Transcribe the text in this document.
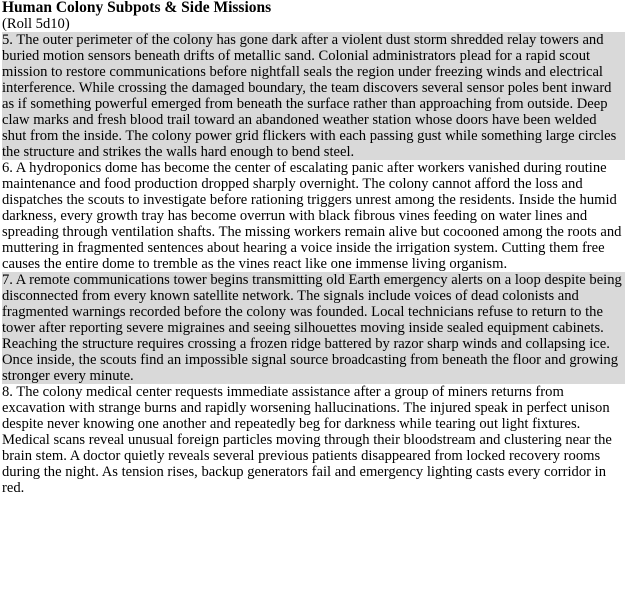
Human Colony Subpots & Side Missions
(Roll 5d10)
5. The outer perimeter of the colony has gone dark after a violent dust storm shredded relay towers and buried motion sensors beneath drifts of metallic sand. Colonial administrators plead for a rapid scout mission to restore communications before nightfall seals the region under freezing winds and electrical interference. While crossing the damaged boundary, the team discovers several sensor poles bent inward as if something powerful emerged from beneath the surface rather than approaching from outside. Deep claw marks and fresh blood trail toward an abandoned weather station whose doors have been welded shut from the inside. The colony power grid flickers with each passing gust while something large circles the structure and strikes the walls hard enough to bend steel.
6. A hydroponics dome has become the center of escalating panic after workers vanished during routine maintenance and food production dropped sharply overnight. The colony cannot afford the loss and dispatches the scouts to investigate before rationing triggers unrest among the residents. Inside the humid darkness, every growth tray has become overrun with black fibrous vines feeding on water lines and spreading through ventilation shafts. The missing workers remain alive but cocooned among the roots and muttering in fragmented sentences about hearing a voice inside the irrigation system. Cutting them free causes the entire dome to tremble as the vines react like one immense living organism.
7. A remote communications tower begins transmitting old Earth emergency alerts on a loop despite being disconnected from every known satellite network. The signals include voices of dead colonists and fragmented warnings recorded before the colony was founded. Local technicians refuse to return to the tower after reporting severe migraines and seeing silhouettes moving inside sealed equipment cabinets. Reaching the structure requires crossing a frozen ridge battered by razor sharp winds and collapsing ice. Once inside, the scouts find an impossible signal source broadcasting from beneath the floor and growing stronger every minute.
8. The colony medical center requests immediate assistance after a group of miners returns from excavation with strange burns and rapidly worsening hallucinations. The injured speak in perfect unison despite never knowing one another and repeatedly beg for darkness while tearing out light fixtures. Medical scans reveal unusual foreign particles moving through their bloodstream and clustering near the brain stem. A doctor quietly reveals several previous patients disappeared from locked recovery rooms during the night. As tension rises, backup generators fail and emergency lighting casts every corridor in red.
